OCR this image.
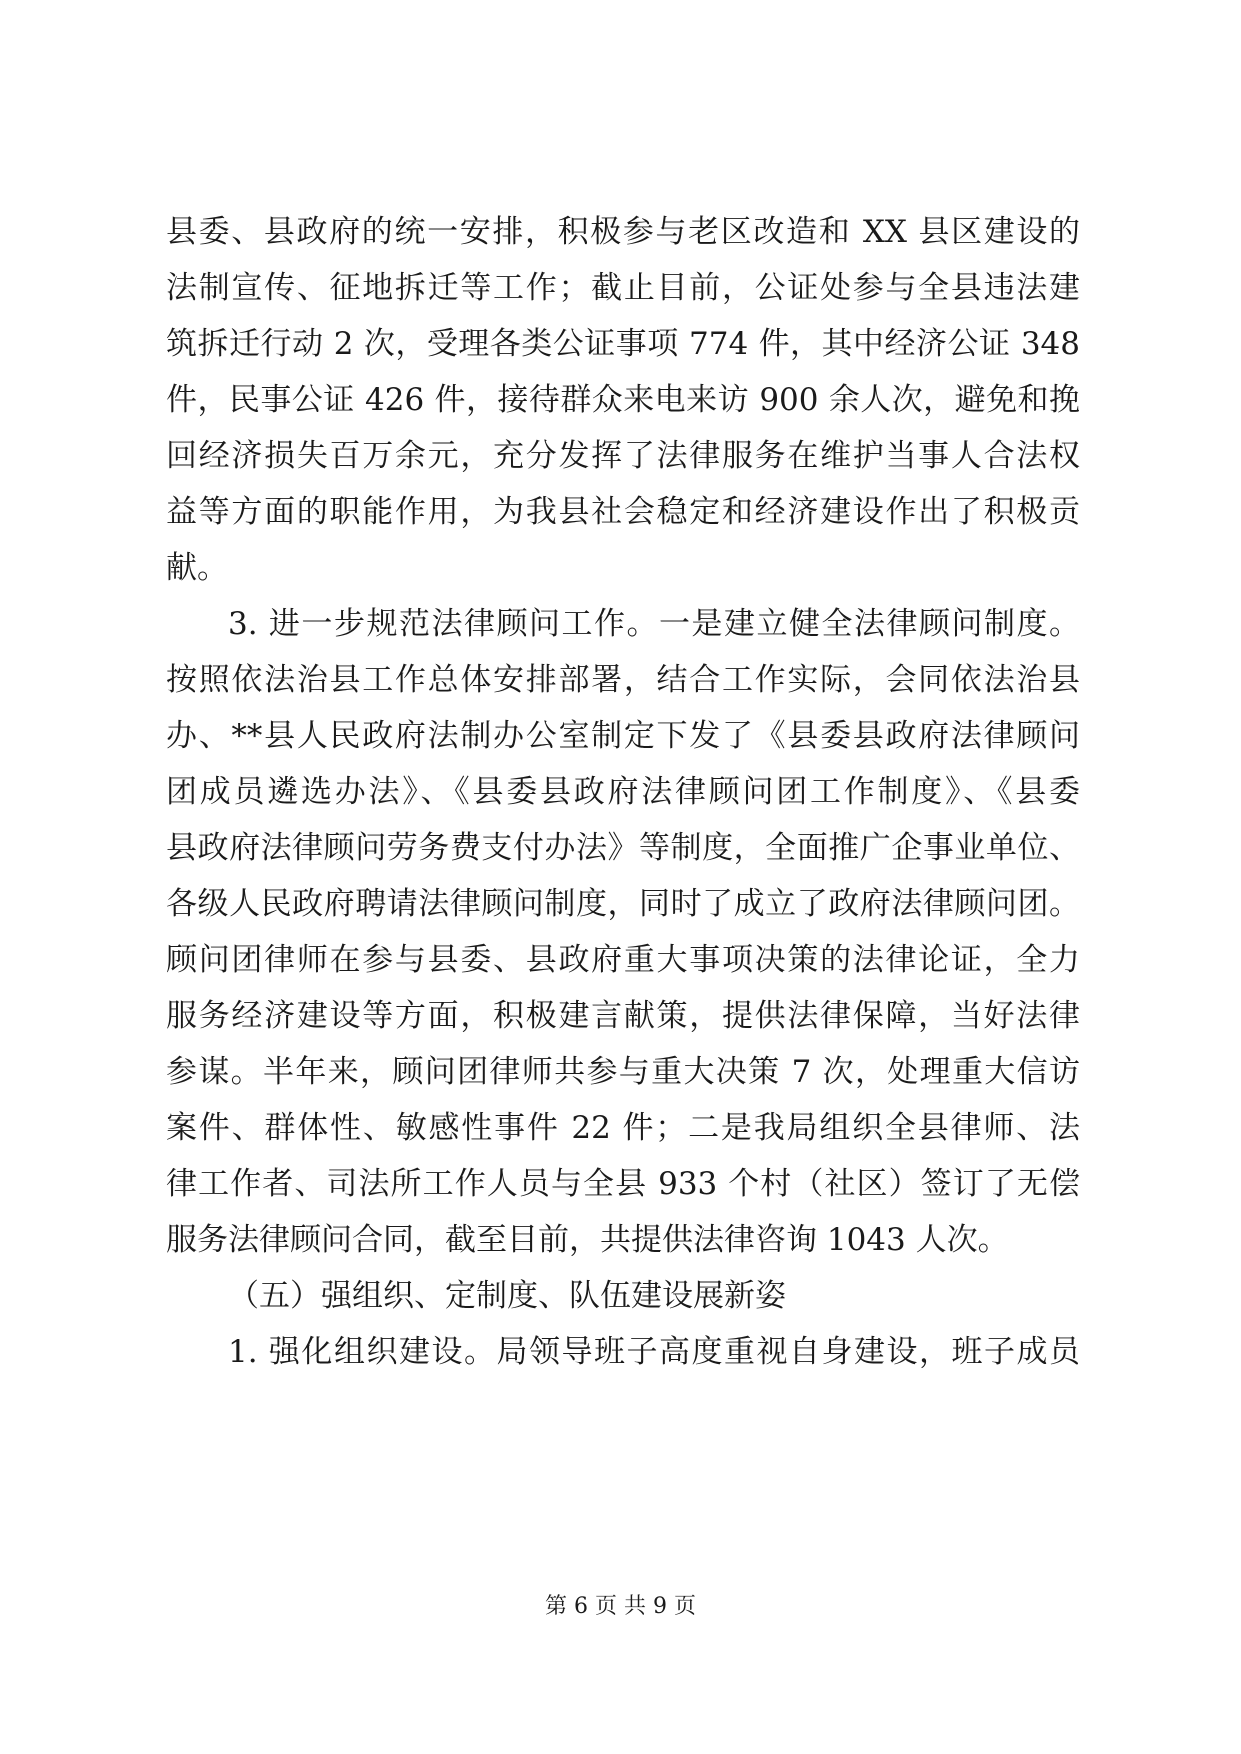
县委、县政府的统一安排，积极参与老区改造和 XX 县区建设的
法制宣传、征地拆迁等工作；截止目前，公证处参与全县违法建
筑拆迁行动 2 次，受理各类公证事项 774 件，其中经济公证 348
件，民事公证 426 件，接待群众来电来访 900 余人次，避免和挽
回经济损失百万余元，充分发挥了法律服务在维护当事人合法权
益等方面的职能作用，为我县社会稳定和经济建设作出了积极贡
献。
3. 进一步规范法律顾问工作。一是建立健全法律顾问制度。
按照依法治县工作总体安排部署，结合工作实际，会同依法治县
办、**县人民政府法制办公室制定下发了《县委县政府法律顾问
团成员遴选办法》、《县委县政府法律顾问团工作制度》、《县委
县政府法律顾问劳务费支付办法》等制度，全面推广企事业单位、
各级人民政府聘请法律顾问制度，同时了成立了政府法律顾问团。
顾问团律师在参与县委、县政府重大事项决策的法律论证，全力
服务经济建设等方面，积极建言献策，提供法律保障，当好法律
参谋。半年来，顾问团律师共参与重大决策 7 次，处理重大信访
案件、群体性、敏感性事件 22 件；二是我局组织全县律师、法
律工作者、司法所工作人员与全县 933 个村（社区）签订了无偿
服务法律顾问合同，截至目前，共提供法律咨询 1043 人次。
（五）强组织、定制度、队伍建设展新姿
1. 强化组织建设。局领导班子高度重视自身建设，班子成员
第 6 页 共 9 页
